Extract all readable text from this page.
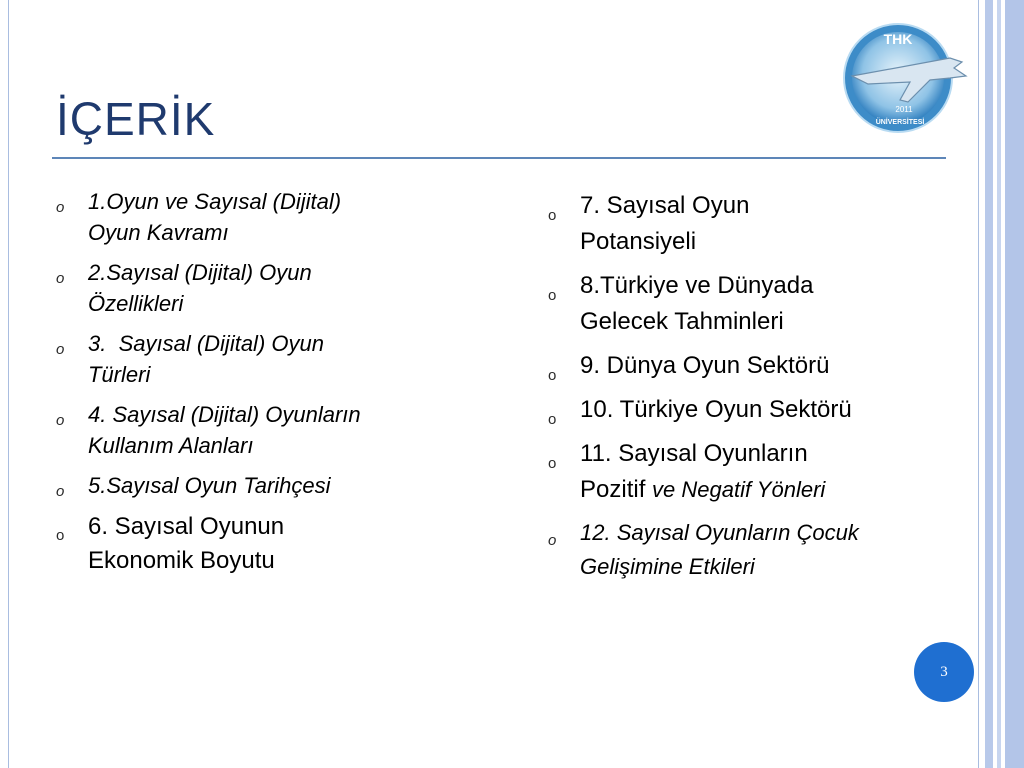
İÇERİK
THK
2011
ÜNİVERSİTESİ
o 1.Oyun ve Sayısal (Dijital)
Oyun Kavramı
o 2.Sayısal (Dijital) Oyun
Özellikleri
o 3.  Sayısal (Dijital) Oyun
Türleri
o 4. Sayısal (Dijital) Oyunların
Kullanım Alanları
o 5.Sayısal Oyun Tarihçesi
o 6. Sayısal Oyunun
Ekonomik Boyutu
o 7. Sayısal Oyun
Potansiyeli
o 8.Türkiye ve Dünyada
Gelecek Tahminleri
o 9. Dünya Oyun Sektörü
o 10. Türkiye Oyun Sektörü
o 11. Sayısal Oyunların
Pozitif ve Negatif Yönleri
o 12. Sayısal Oyunların Çocuk
Gelişimine Etkileri
3
